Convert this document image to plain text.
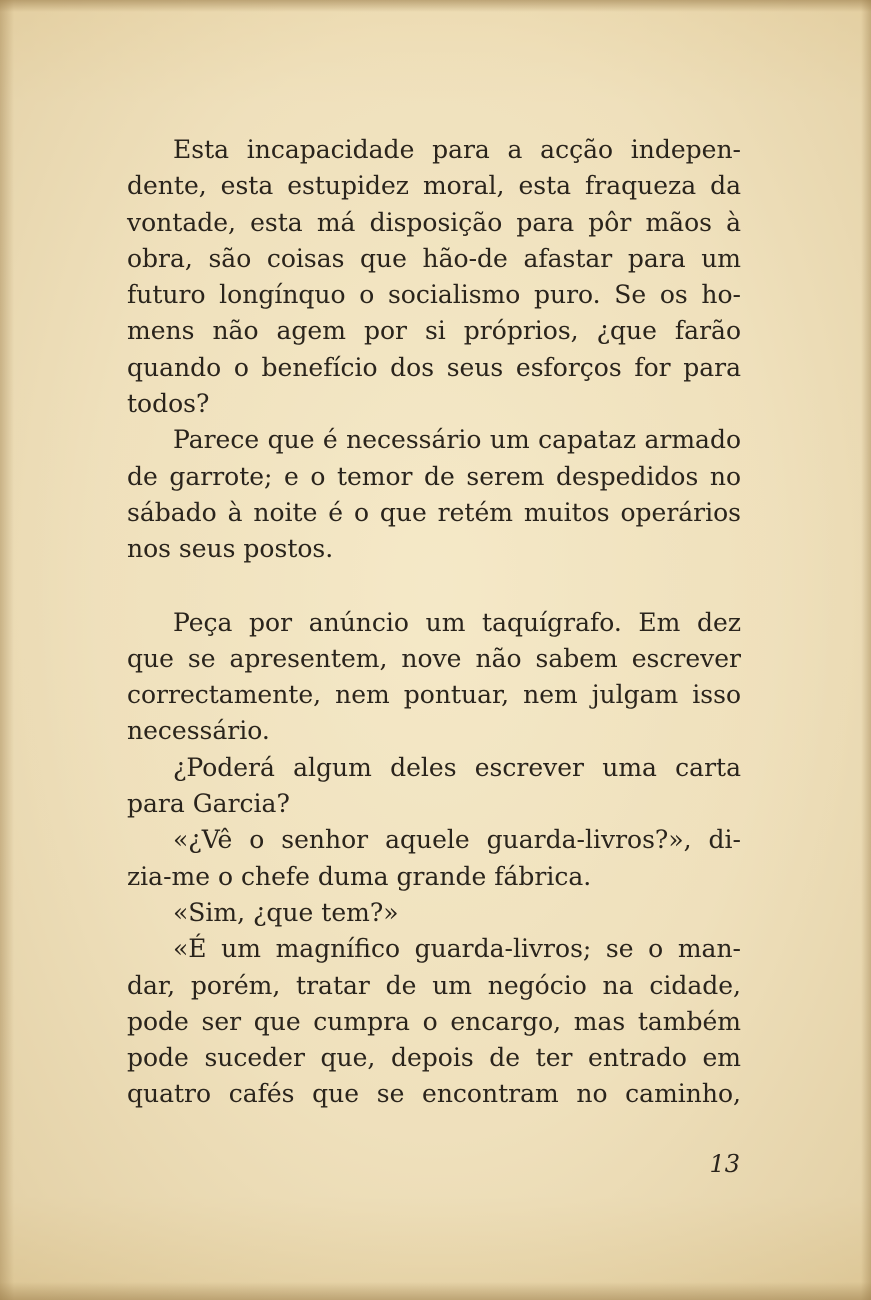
Esta incapacidade para a acção indepen-
dente, esta estupidez moral, esta fraqueza da
vontade, esta má disposição para pôr mãos à
obra, são coisas que hão-de afastar para um
futuro longínquo o socialismo puro. Se os ho-
mens não agem por si próprios, ¿que farão
quando o benefício dos seus esforços for para
todos?
Parece que é necessário um capataz armado
de garrote; e o temor de serem despedidos no
sábado à noite é o que retém muitos operários
nos seus postos.
Peça por anúncio um taquígrafo. Em dez
que se apresentem, nove não sabem escrever
correctamente, nem pontuar, nem julgam isso
necessário.
¿Poderá algum deles escrever uma carta
para Garcia?
«¿Vê o senhor aquele guarda-livros?», di-
zia-me o chefe duma grande fábrica.
«Sim, ¿que tem?»
«É um magnífico guarda-livros; se o man-
dar, porém, tratar de um negócio na cidade,
pode ser que cumpra o encargo, mas também
pode suceder que, depois de ter entrado em
quatro cafés que se encontram no caminho,
13
